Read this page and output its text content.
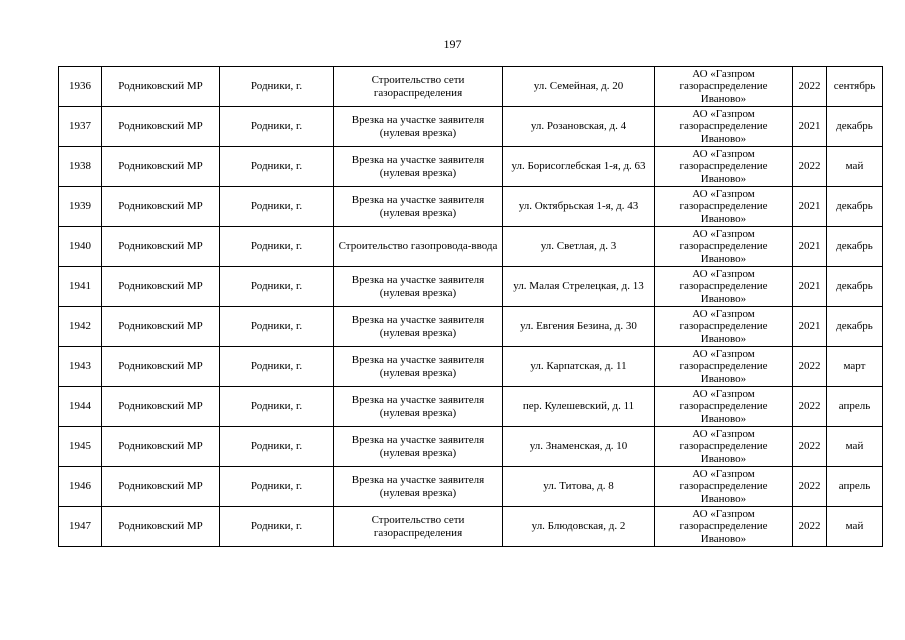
197
1936	Родниковский МР	Родники, г.	Строительство сети газораспределения	ул. Семейная, д. 20	АО «Газпром газораспределение Иваново»	2022	сентябрь
1937	Родниковский МР	Родники, г.	Врезка на участке заявителя (нулевая врезка)	ул. Розановская, д. 4	АО «Газпром газораспределение Иваново»	2021	декабрь
1938	Родниковский МР	Родники, г.	Врезка на участке заявителя (нулевая врезка)	ул. Борисоглебская 1-я, д. 63	АО «Газпром газораспределение Иваново»	2022	май
1939	Родниковский МР	Родники, г.	Врезка на участке заявителя (нулевая врезка)	ул. Октябрьская 1-я, д. 43	АО «Газпром газораспределение Иваново»	2021	декабрь
1940	Родниковский МР	Родники, г.	Строительство газопровода-ввода	ул. Светлая, д. 3	АО «Газпром газораспределение Иваново»	2021	декабрь
1941	Родниковский МР	Родники, г.	Врезка на участке заявителя (нулевая врезка)	ул. Малая Стрелецкая, д. 13	АО «Газпром газораспределение Иваново»	2021	декабрь
1942	Родниковский МР	Родники, г.	Врезка на участке заявителя (нулевая врезка)	ул. Евгения Безина, д. 30	АО «Газпром газораспределение Иваново»	2021	декабрь
1943	Родниковский МР	Родники, г.	Врезка на участке заявителя (нулевая врезка)	ул. Карпатская, д. 11	АО «Газпром газораспределение Иваново»	2022	март
1944	Родниковский МР	Родники, г.	Врезка на участке заявителя (нулевая врезка)	пер. Кулешевский, д. 11	АО «Газпром газораспределение Иваново»	2022	апрель
1945	Родниковский МР	Родники, г.	Врезка на участке заявителя (нулевая врезка)	ул. Знаменская, д. 10	АО «Газпром газораспределение Иваново»	2022	май
1946	Родниковский МР	Родники, г.	Врезка на участке заявителя (нулевая врезка)	ул. Титова, д. 8	АО «Газпром газораспределение Иваново»	2022	апрель
1947	Родниковский МР	Родники, г.	Строительство сети газораспределения	ул. Блюдовская, д. 2	АО «Газпром газораспределение Иваново»	2022	май
